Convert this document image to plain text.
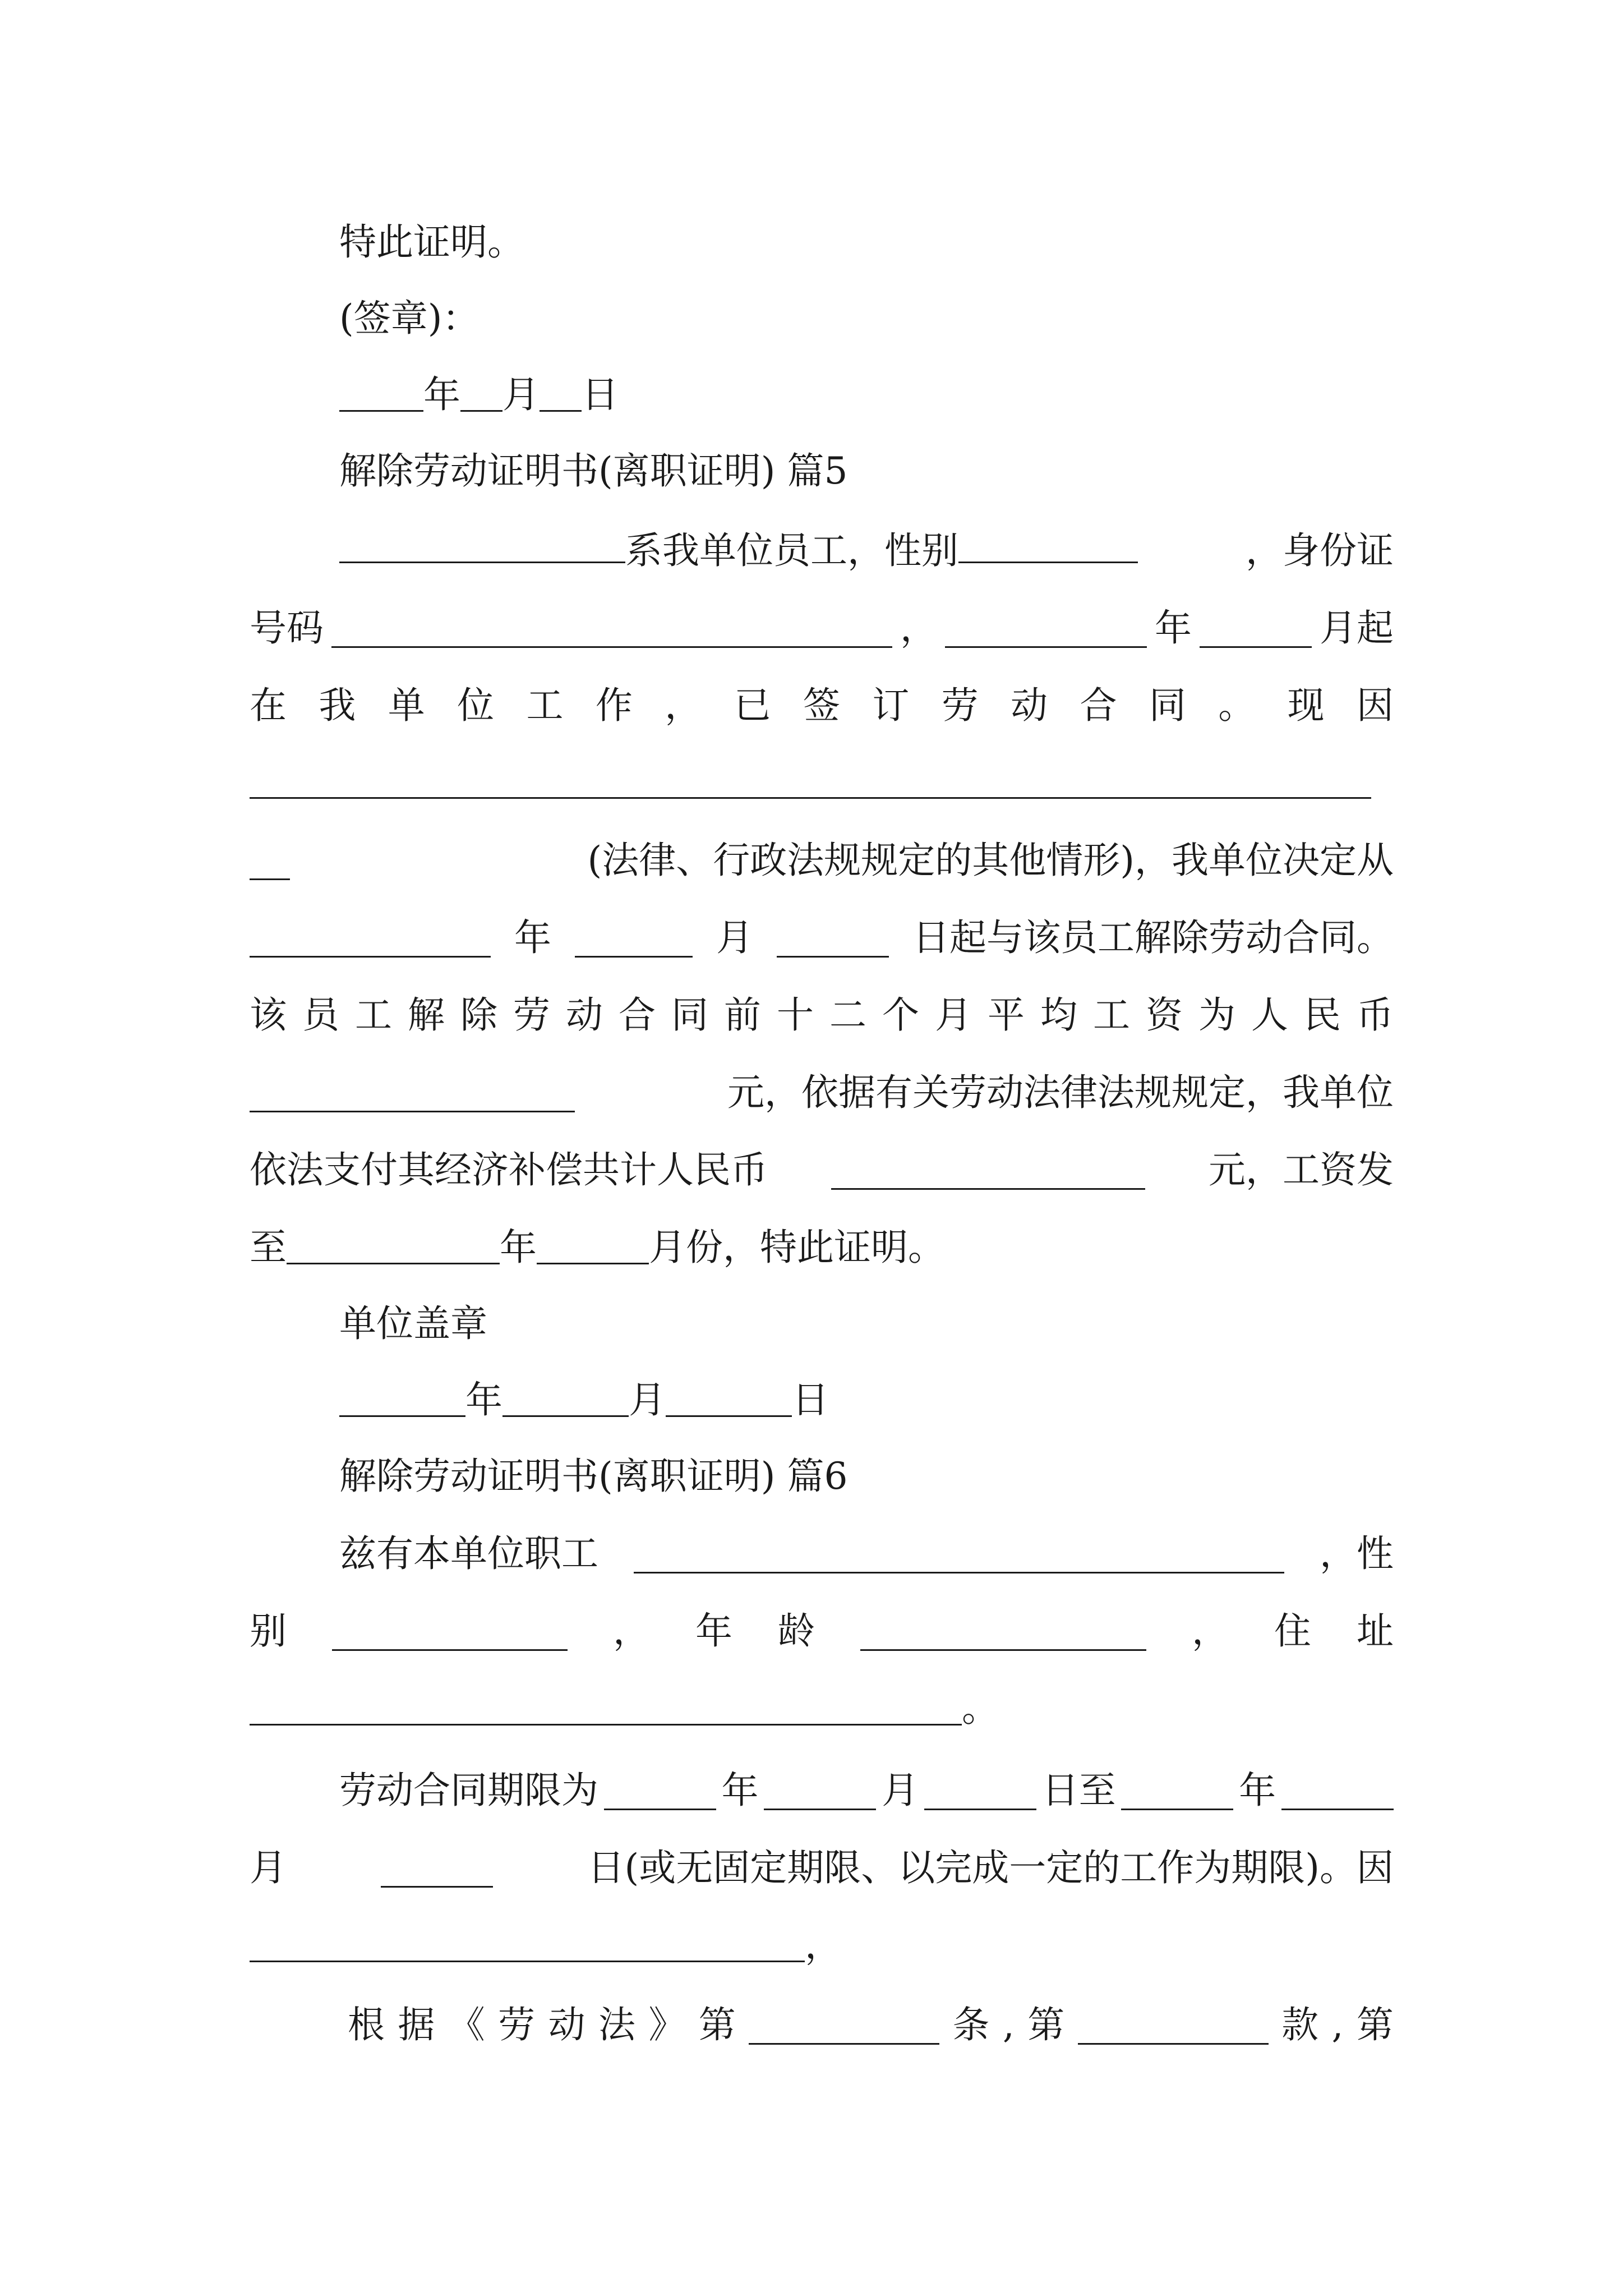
特此证明。
(签章)：
年 月 日
解除劳动证明书(离职证明) 篇5
系我单位员工，性别	，身份证
号码	，	年	月起
在 我 单 位 工 作 ， 已 签 订 劳 动 合 同 。 现 因
(法律、行政法规规定的其他情形)，我单位决定从
年	月	日起与该员工解除劳动合同。
该 员 工 解 除 劳 动 合 同 前 十 二 个 月 平 均 工 资 为 人 民 币
元，依据有关劳动法律法规规定，我单位
依法支付其经济补偿共计人民币	元，工资发
至	年	月份，特此证明。
单位盖章
年	月	日
解除劳动证明书(离职证明) 篇6
兹有本单位职工	，性
别	， 年 龄	， 住 址
。
劳动合同期限为	年	月	日至	年
月	日(或无固定期限、以完成一定的工作为期限)。因
，
根 据 《 劳 动 法 》 第	条 , 第	款 , 第
